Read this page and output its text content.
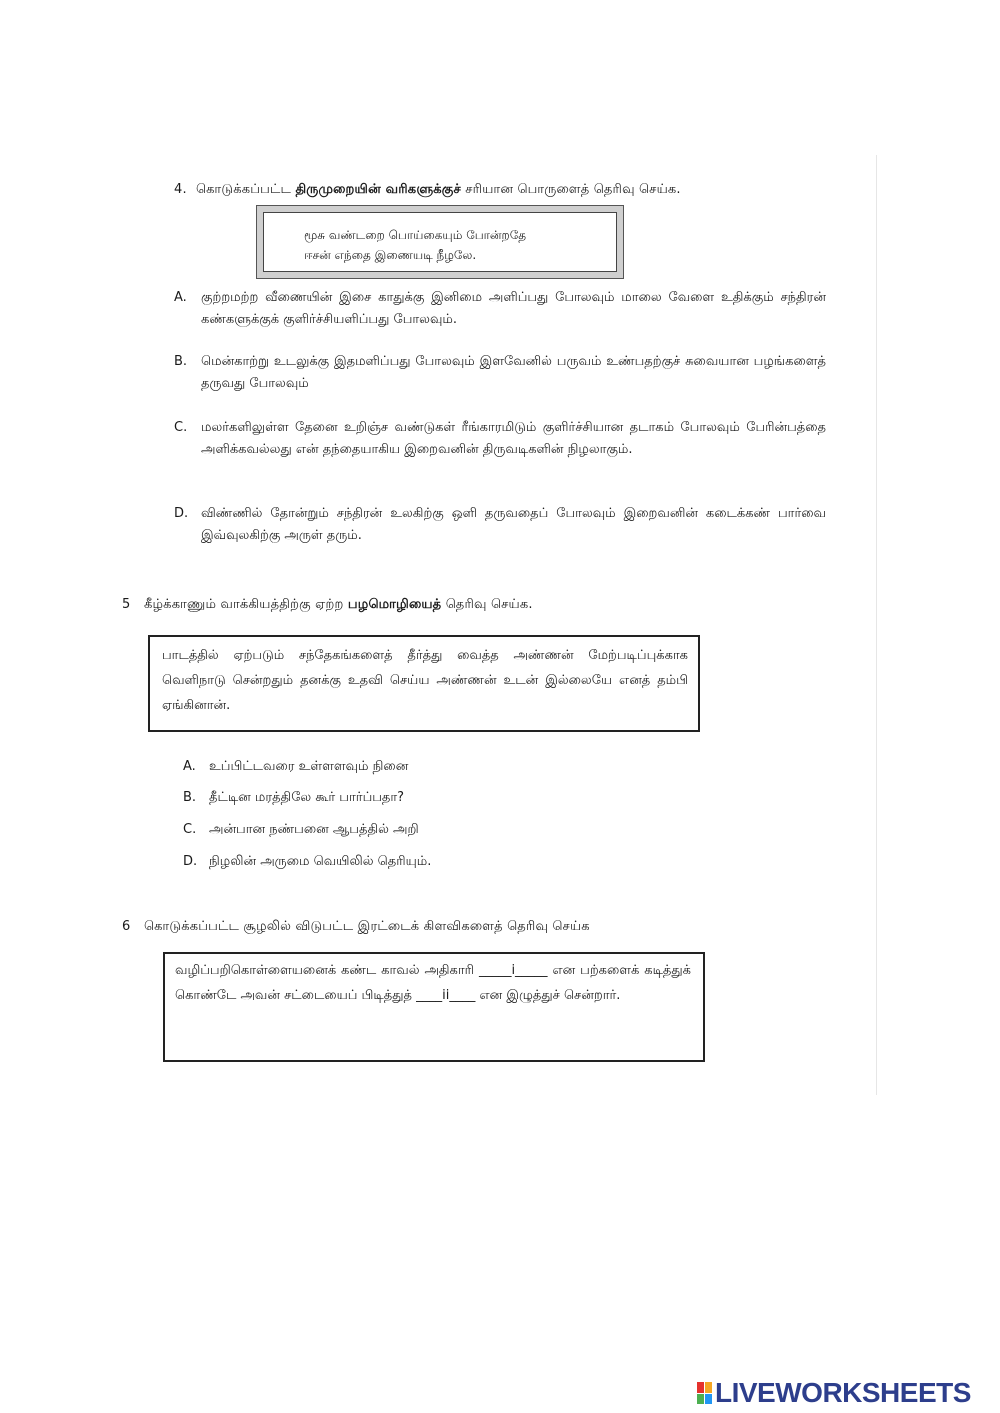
4. கொடுக்கப்பட்ட திருமுறையின் வரிகளுக்குச் சரியான பொருளைத் தெரிவு செய்க.
மூசு வண்டறை பொய்கையும் போன்றதே
ஈசன் எந்தை இணையடி நீழலே.
A. குற்றமற்ற வீணையின் இசை காதுக்கு இனிமை அளிப்பது போலவும் மாலை வேளை உதிக்கும் சந்திரன் கண்களுக்குக் குளிர்ச்சியளிப்பது போலவும்.
B. மென்காற்று உடலுக்கு இதமளிப்பது போலவும் இளவேனில் பருவம் உண்பதற்குச் சுவையான பழங்களைத் தருவது போலவும்
C. மலர்களிலுள்ள தேனை உறிஞ்ச வண்டுகள் ரீங்காரமிடும் குளிர்ச்சியான தடாகம் போலவும் பேரின்பத்தை அளிக்கவல்லது என் தந்தையாகிய இறைவனின் திருவடிகளின் நிழலாகும்.
D. விண்ணில் தோன்றும் சந்திரன் உலகிற்கு ஒளி தருவதைப் போலவும் இறைவனின் கடைக்கண் பார்வை இவ்வுலகிற்கு அருள் தரும்.
5 கீழ்க்காணும் வாக்கியத்திற்கு ஏற்ற பழமொழியைத் தெரிவு செய்க.
பாடத்தில் ஏற்படும் சந்தேகங்களைத் தீர்த்து வைத்த அண்ணன் மேற்படிப்புக்காக வெளிநாடு சென்றதும் தனக்கு உதவி செய்ய அண்ணன் உடன் இல்லையே எனத் தம்பி ஏங்கினான்.
A. உப்பிட்டவரை உள்ளளவும் நினை
B. தீட்டின மரத்திலே கூர் பார்ப்பதா?
C. அன்பான நண்பனை ஆபத்தில் அறி
D. நிழலின் அருமை வெயிலில் தெரியும்.
6 கொடுக்கப்பட்ட சூழலில் விடுபட்ட இரட்டைக் கிளவிகளைத் தெரிவு செய்க
வழிப்பறிகொள்ளையனைக் கண்ட காவல் அதிகாரி _____i_____ என பற்களைக் கடித்துக் கொண்டே அவன் சட்டையைப் பிடித்துத் ____ii____ என இழுத்துச் சென்றார்.
LIVEWORKSHEETS
